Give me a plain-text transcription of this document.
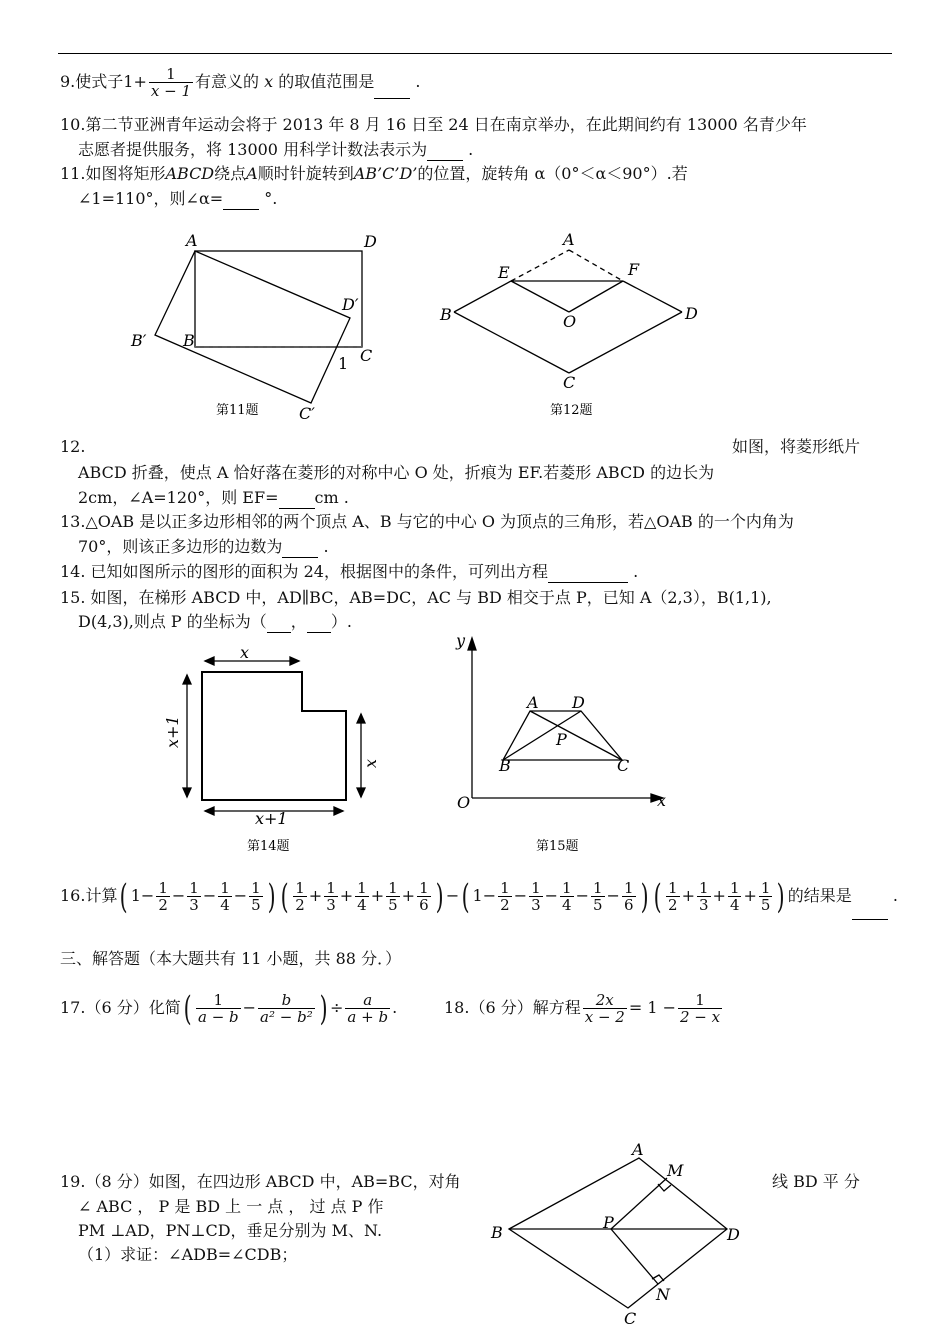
9.使式子$1+ \frac{1}{x - 1}$ 有意义的 x 的取值范围是	.
10.第二节亚洲青年运动会将于 2013 年 8 月 16 日至 24 日在南京举办，在此期间约有 13000 名青少年
志愿者提供服务，将 13000 用科学计数法表示为	.
11.如图将矩形ABCD绕点A顺时针旋转到AB’C’D’的位置，旋转角 α（0°＜α＜90°）.若
∠1=110°，则∠α=	°.
A	D
D′
B′ B
C
1
C′
第11题
A
E	F
B	O	D
C
第12题
x
x+1
x
x+1
第14题
y
x
O
A D
P
B	C
第15题
A
M
B
P
D
N
C
12.	如图，将菱形纸片
ABCD 折叠，使点 A 恰好落在菱形的对称中心 O 处，折痕为 EF.若菱形 ABCD 的边长为
2cm，∠A=120°，则 EF= cm .
13.△OAB 是以正多边形相邻的两个顶点 A、B 与它的中心 O 为顶点的三角形，若△OAB 的一个内角为
70°，则该正多边形的边数为	.
14. 已知如图所示的图形的面积为 24，根据图中的条件，可列出方程	.
15. 如图，在梯形 ABCD 中，AD∥BC，AB=DC，AC 与 BD 相交于点 P，已知 A（2,3），B(1,1),
D(4,3),则点 P 的坐标为（ ， ）.
16.计算( $1- \frac{1}{2} - \frac{1}{3} - \frac{1}{4} - \frac{1}{5}$ ) ( $\frac{1}{2} + \frac{1}{3} + \frac{1}{4} + \frac{1}{5} + \frac{1}{6}$ ) −( $1- \frac{1}{2} - \frac{1}{3} - \frac{1}{4} - \frac{1}{5} - \frac{1}{6}$ ) ( $\frac{1}{2} + \frac{1}{3} + \frac{1}{4} + \frac{1}{5}$ ) 的结果是	.
三、解答题（本大题共有 11 小题，共 88 分．）
17.（6 分）化简( $\frac{1}{a - b} - \frac{b}{\text{a² − b²}}$ ) ÷ $\frac{a}{a + b}$ .	18.（6 分）解方程 $\frac{2x}{x - 2} = 1 - \frac{1}{2 - x}$
19.（8 分）如图，在四边形 ABCD 中，AB=BC，对角	线 BD 平 分
∠ ABC ， P 是 BD 上 一 点 ， 过 点 P 作
PM ⊥AD，PN⊥CD，垂足分别为 M、N.
（1）求证：∠ADB=∠CDB；
